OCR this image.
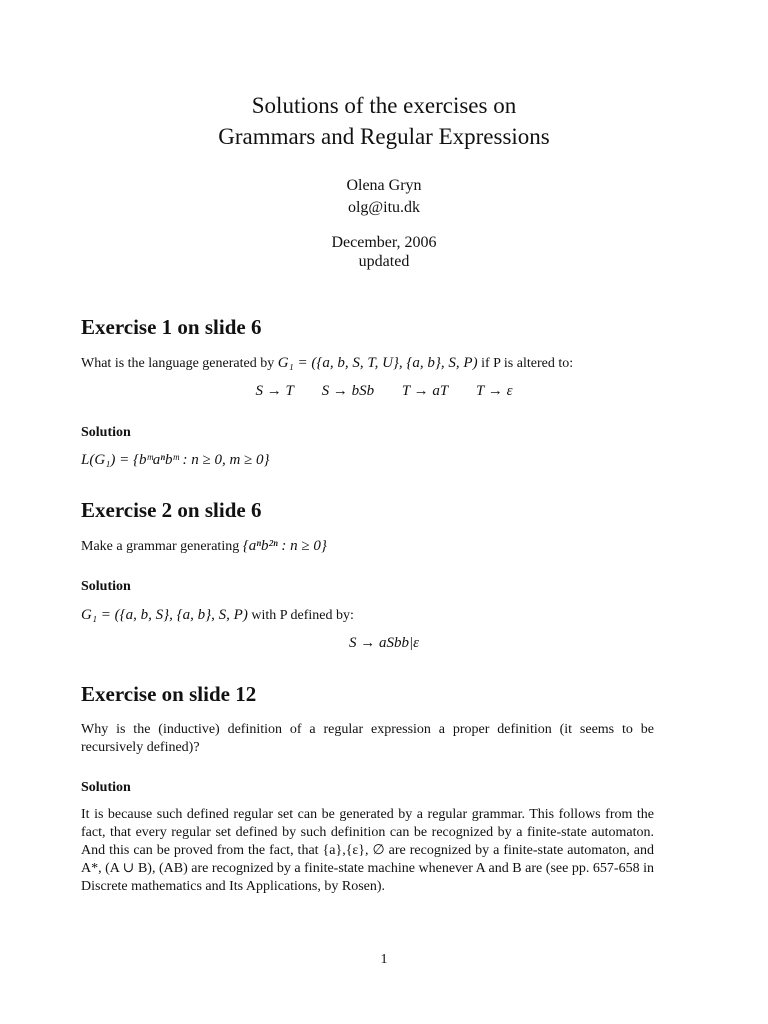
Solutions of the exercises on
Grammars and Regular Expressions
Olena Gryn
olg@itu.dk
December, 2006
updated
Exercise 1 on slide 6
What is the language generated by G₁ = ({a, b, S, T, U}, {a, b}, S, P) if P is altered to:
S → T S → bSb T → aT T → ε
Solution
L(G₁) = {bᵐaⁿbᵐ : n ≥ 0, m ≥ 0}
Exercise 2 on slide 6
Make a grammar generating {aⁿb²ⁿ : n ≥ 0}
Solution
G₁ = ({a, b, S}, {a, b}, S, P) with P defined by:
S → aSbb|ε
Exercise on slide 12
Why is the (inductive) definition of a regular expression a proper definition (it seems to be recursively defined)?
Solution
It is because such defined regular set can be generated by a regular grammar. This follows from the fact, that every regular set defined by such definition can be recognized by a finite-state automaton. And this can be proved from the fact, that {a},{ε}, ∅ are recognized by a finite-state automaton, and A*, (A ∪ B), (AB) are recognized by a finite-state machine whenever A and B are (see pp. 657-658 in Discrete mathematics and Its Applications, by Rosen).
1
